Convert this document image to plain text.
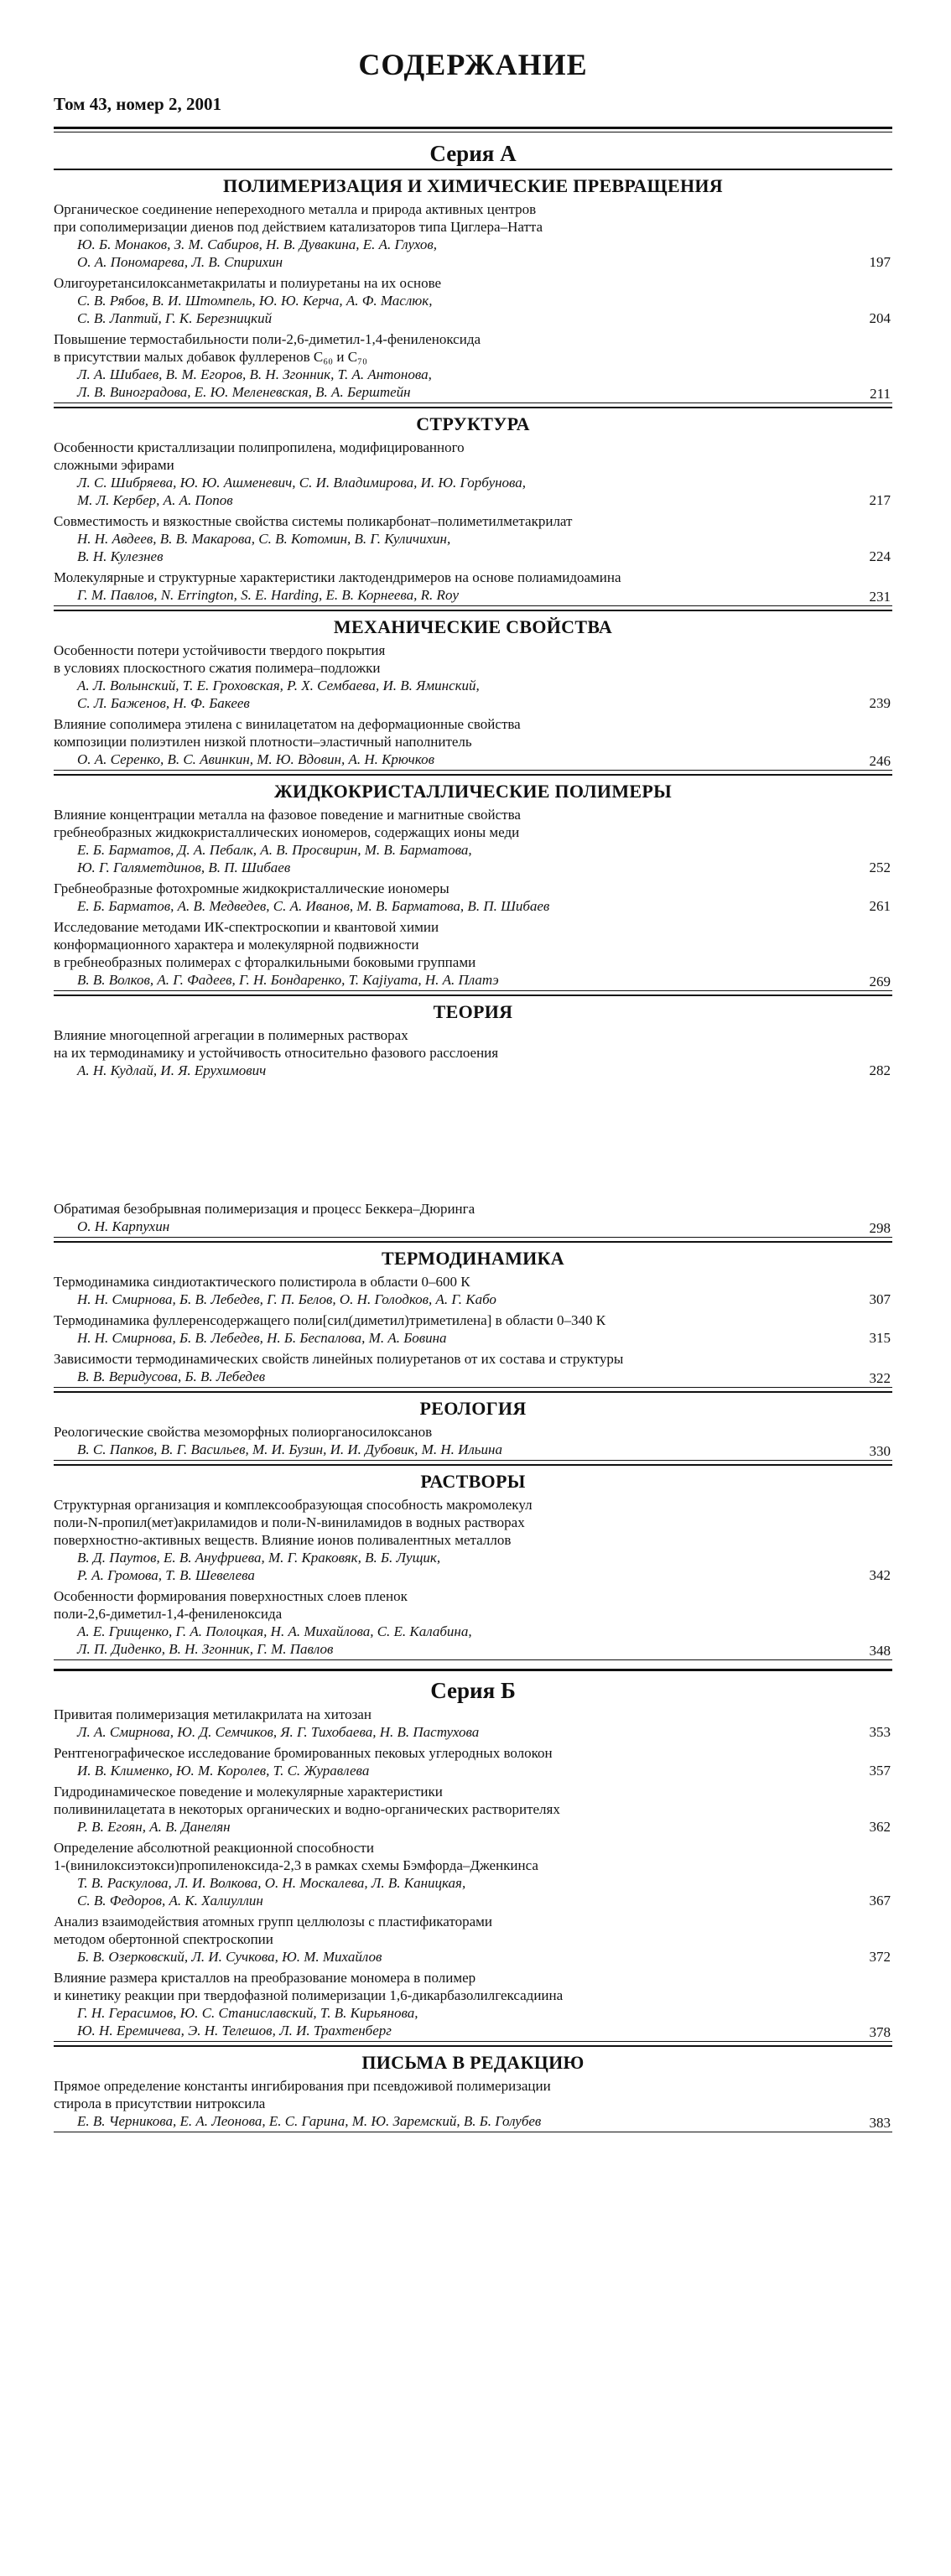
СОДЕРЖАНИЕ
Том 43, номер 2, 2001
Серия А
ПОЛИМЕРИЗАЦИЯ И ХИМИЧЕСКИЕ ПРЕВРАЩЕНИЯ
Органическое соединение непереходного металла и природа активных центров
при сополимеризации диенов под действием катализаторов типа Циглера–Натта
Ю. Б. Монаков, З. М. Сабиров, Н. В. Дувакина, Е. А. Глухов,
О. А. Пономарева, Л. В. Спирихин	197
Олигоуретансилоксанметакрилаты и полиуретаны на их основе
С. В. Рябов, В. И. Штомпель, Ю. Ю. Керча, А. Ф. Маслюк,
С. В. Лаптий, Г. К. Березницкий	204
Повышение термостабильности поли-2,6-диметил-1,4-фениленоксида
в присутствии малых добавок фуллеренов C₆₀ и C₇₀
Л. А. Шибаев, В. М. Егоров, В. Н. Згонник, Т. А. Антонова,
Л. В. Виноградова, Е. Ю. Меленевская, В. А. Берштейн	211
СТРУКТУРА
Особенности кристаллизации полипропилена, модифицированного
сложными эфирами
Л. С. Шибряева, Ю. Ю. Ашменевич, С. И. Владимирова, И. Ю. Горбунова,
М. Л. Кербер, А. А. Попов	217
Совместимость и вязкостные свойства системы поликарбонат–полиметилметакрилат
Н. Н. Авдеев, В. В. Макарова, С. В. Котомин, В. Г. Куличихин,
В. Н. Кулезнев	224
Молекулярные и структурные характеристики лактодендримеров на основе полиамидоамина
Г. М. Павлов, N. Errington, S. E. Harding, Е. В. Корнеева, R. Roy	231
МЕХАНИЧЕСКИЕ СВОЙСТВА
Особенности потери устойчивости твердого покрытия
в условиях плоскостного сжатия полимера–подложки
А. Л. Волынский, Т. Е. Гроховская, Р. Х. Сембаева, И. В. Яминский,
С. Л. Баженов, Н. Ф. Бакеев	239
Влияние сополимера этилена с винилацетатом на деформационные свойства
композиции полиэтилен низкой плотности–эластичный наполнитель
О. А. Серенко, В. С. Авинкин, М. Ю. Вдовин, А. Н. Крючков	246
ЖИДКОКРИСТАЛЛИЧЕСКИЕ ПОЛИМЕРЫ
Влияние концентрации металла на фазовое поведение и магнитные свойства
гребнеобразных жидкокристаллических иономеров, содержащих ионы меди
Е. Б. Барматов, Д. А. Пебалк, А. В. Просвирин, М. В. Барматова,
Ю. Г. Галяметдинов, В. П. Шибаев	252
Гребнеобразные фотохромные жидкокристаллические иономеры
Е. Б. Барматов, А. В. Медведев, С. А. Иванов, М. В. Барматова, В. П. Шибаев	261
Исследование методами ИК-спектроскопии и квантовой химии
конформационного характера и молекулярной подвижности
в гребнеобразных полимерах с фторалкильными боковыми группами
В. В. Волков, А. Г. Фадеев, Г. Н. Бондаренко, T. Kajiyama, Н. А. Платэ	269
ТЕОРИЯ
Влияние многоцепной агрегации в полимерных растворах
на их термодинамику и устойчивость относительно фазового расслоения
А. Н. Кудлай, И. Я. Ерухимович	282
Обратимая безобрывная полимеризация и процесс Беккера–Дюринга
О. Н. Карпухин	298
ТЕРМОДИНАМИКА
Термодинамика синдиотактического полистирола в области 0–600 К
Н. Н. Смирнова, Б. В. Лебедев, Г. П. Белов, О. Н. Голодков, А. Г. Кабо	307
Термодинамика фуллеренсодержащего поли[сил(диметил)триметилена] в области 0–340 К
Н. Н. Смирнова, Б. В. Лебедев, Н. Б. Беспалова, М. А. Бовина	315
Зависимости термодинамических свойств линейных полиуретанов от их состава и структуры
В. В. Веридусова, Б. В. Лебедев	322
РЕОЛОГИЯ
Реологические свойства мезоморфных полиорганосилоксанов
В. С. Папков, В. Г. Васильев, М. И. Бузин, И. И. Дубовик, М. Н. Ильина	330
РАСТВОРЫ
Структурная организация и комплексообразующая способность макромолекул
поли-N-пропил(мет)акриламидов и поли-N-виниламидов в водных растворах
поверхностно-активных веществ. Влияние ионов поливалентных металлов
В. Д. Паутов, Е. В. Ануфриева, М. Г. Краковяк, В. Б. Лущик,
Р. А. Громова, Т. В. Шевелева	342
Особенности формирования поверхностных слоев пленок
поли-2,6-диметил-1,4-фениленоксида
А. Е. Грищенко, Г. А. Полоцкая, Н. А. Михайлова, С. Е. Калабина,
Л. П. Диденко, В. Н. Згонник, Г. М. Павлов	348
Серия Б
Привитая полимеризация метилакрилата на хитозан
Л. А. Смирнова, Ю. Д. Семчиков, Я. Г. Тихобаева, Н. В. Пастухова	353
Рентгенографическое исследование бромированных пековых углеродных волокон
И. В. Клименко, Ю. М. Королев, Т. С. Журавлева	357
Гидродинамическое поведение и молекулярные характеристики
поливинилацетата в некоторых органических и водно-органических растворителях
Р. В. Егоян, А. В. Данелян	362
Определение абсолютной реакционной способности
1-(винилоксиэтокси)пропиленоксида-2,3 в рамках схемы Бэмфорда–Дженкинса
Т. В. Раскулова, Л. И. Волкова, О. Н. Москалева, Л. В. Каницкая,
С. В. Федоров, А. К. Халиуллин	367
Анализ взаимодействия атомных групп целлюлозы с пластификаторами
методом обертонной спектроскопии
Б. В. Озерковский, Л. И. Сучкова, Ю. М. Михайлов	372
Влияние размера кристаллов на преобразование мономера в полимер
и кинетику реакции при твердофазной полимеризации 1,6-дикарбазолилгексадиина
Г. Н. Герасимов, Ю. С. Станиславский, Т. В. Кирьянова,
Ю. Н. Еремичева, Э. Н. Телешов, Л. И. Трахтенберг	378
ПИСЬМА В РЕДАКЦИЮ
Прямое определение константы ингибирования при псевдоживой полимеризации
стирола в присутствии нитроксила
Е. В. Черникова, Е. А. Леонова, Е. С. Гарина, М. Ю. Заремский, В. Б. Голубев	383
